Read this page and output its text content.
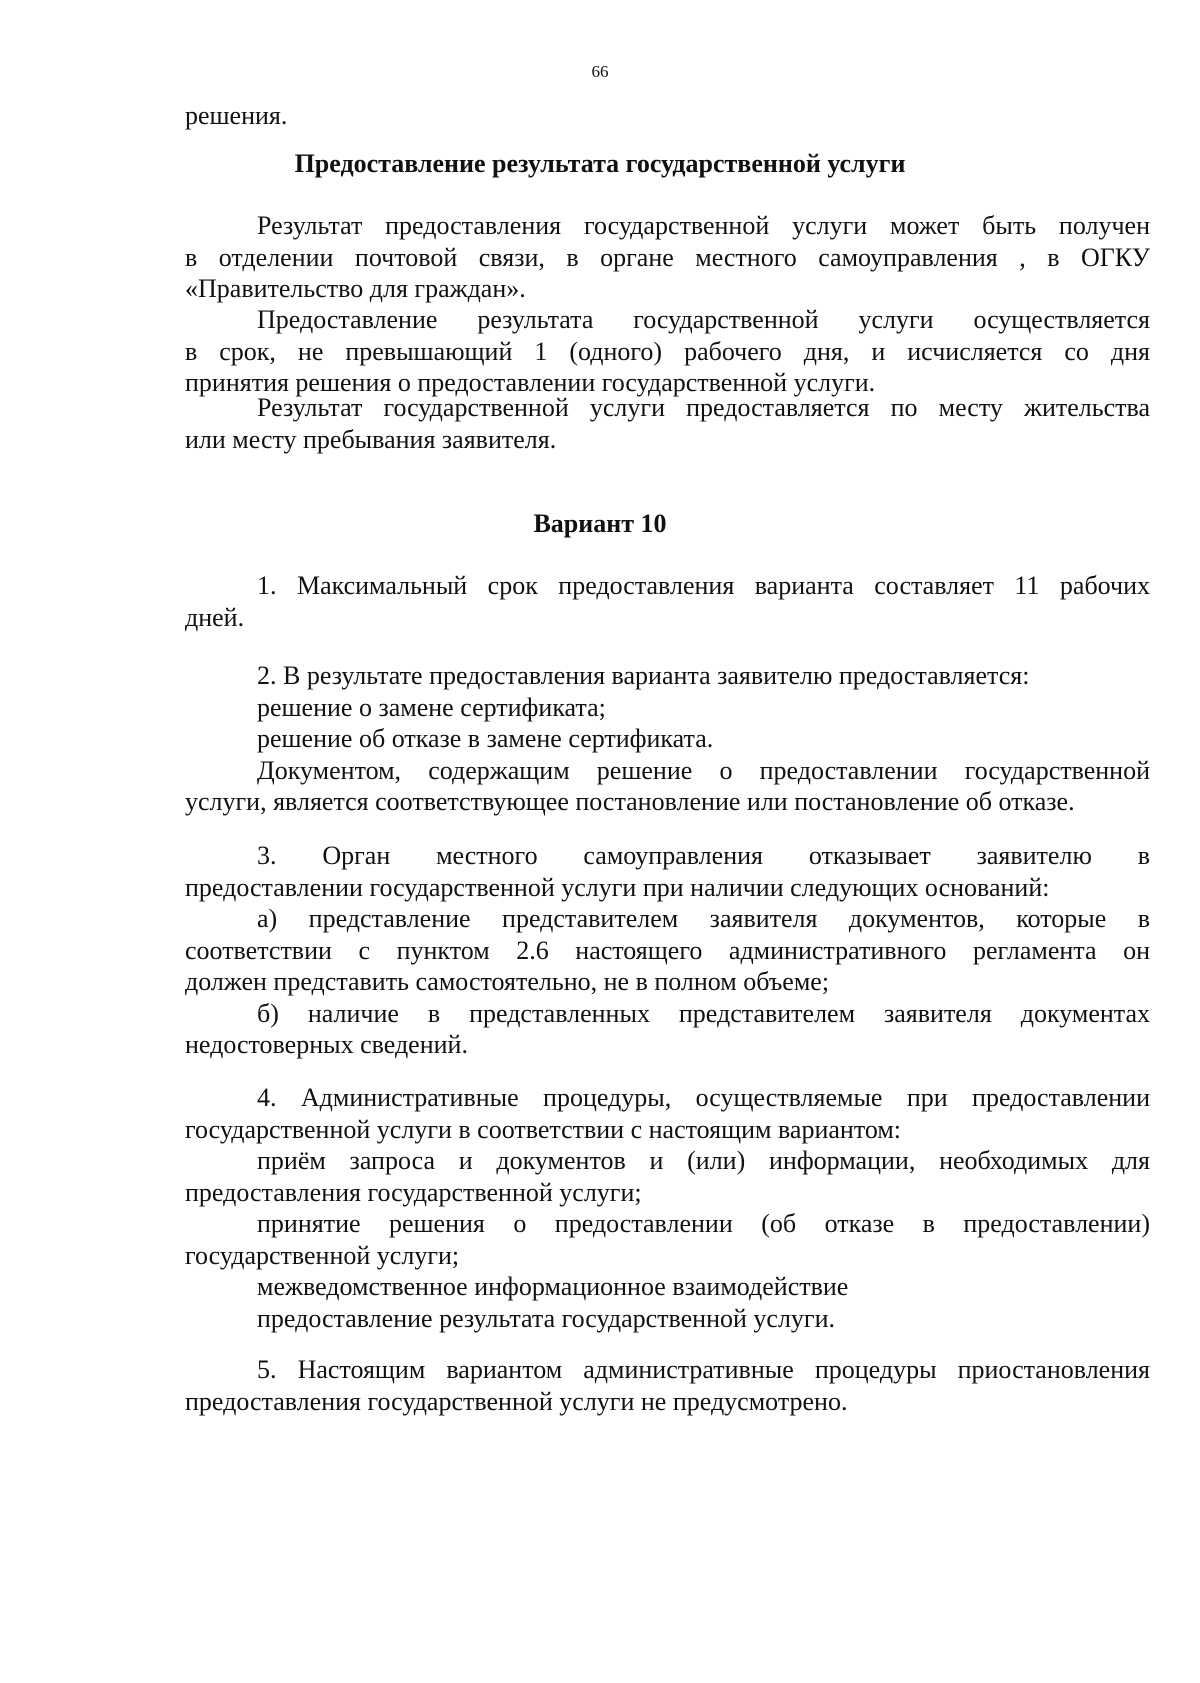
66
решения.
Предоставление результата государственной услуги
Результат предоставления государственной услуги может быть получен
в отделении почтовой связи, в органе местного самоуправления , в ОГКУ
«Правительство для граждан».
Предоставление результата государственной услуги осуществляется
в срок, не превышающий 1 (одного) рабочего дня, и исчисляется со дня
принятия решения о предоставлении государственной услуги.
Результат государственной услуги предоставляется по месту жительства
или месту пребывания заявителя.
Вариант 10
1. Максимальный срок предоставления варианта составляет 11 рабочих
дней.
2. В результате предоставления варианта заявителю предоставляется:
решение о замене сертификата;
решение об отказе в замене сертификата.
Документом, содержащим решение о предоставлении государственной
услуги, является соответствующее постановление или постановление об отказе.
3. Орган местного самоуправления отказывает заявителю в
предоставлении государственной услуги при наличии следующих оснований:
а) представление представителем заявителя документов, которые в
соответствии с пунктом 2.6 настоящего административного регламента он
должен представить самостоятельно, не в полном объеме;
б) наличие в представленных представителем заявителя документах
недостоверных сведений.
4. Административные процедуры, осуществляемые при предоставлении
государственной услуги в соответствии с настоящим вариантом:
приём запроса и документов и (или) информации, необходимых для
предоставления государственной услуги;
принятие решения о предоставлении (об отказе в предоставлении)
государственной услуги;
межведомственное информационное взаимодействие
предоставление результата государственной услуги.
5. Настоящим вариантом административные процедуры приостановления
предоставления государственной услуги не предусмотрено.
